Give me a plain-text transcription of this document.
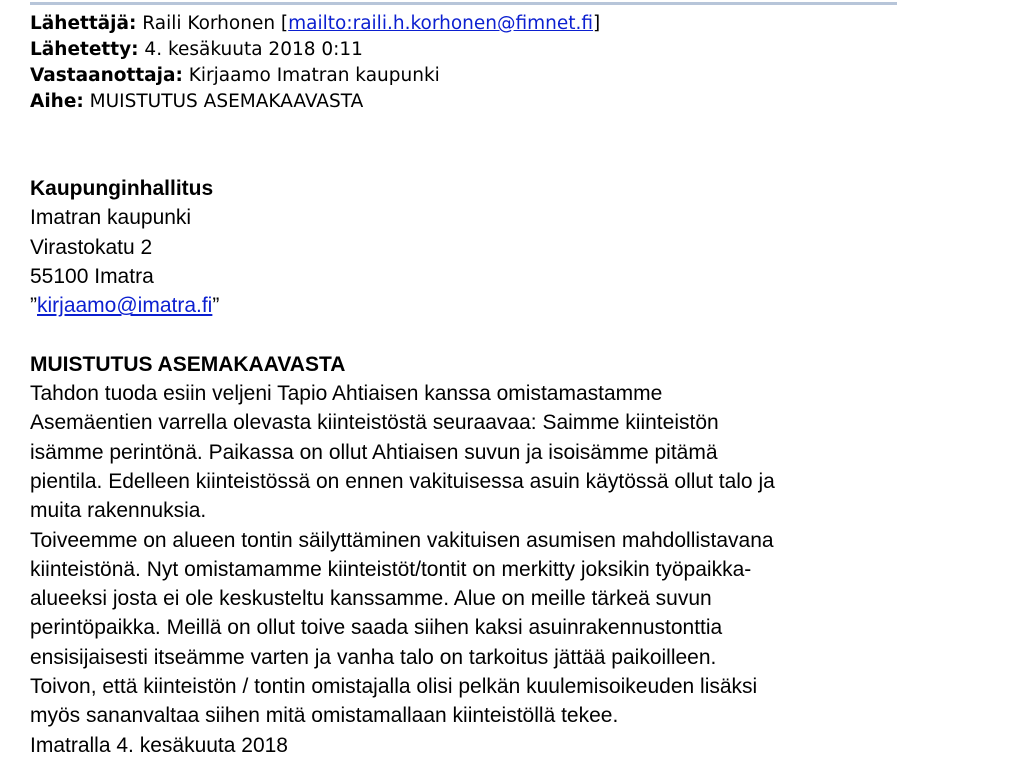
Lähettäjä: Raili Korhonen [mailto:raili.h.korhonen@fimnet.fi]
Lähetetty: 4. kesäkuuta 2018 0:11
Vastaanottaja: Kirjaamo Imatran kaupunki
Aihe: MUISTUTUS ASEMAKAAVASTA
Kaupunginhallitus
Imatran kaupunki
Virastokatu 2
55100 Imatra
”kirjaamo@imatra.fi”
MUISTUTUS ASEMAKAAVASTA
Tahdon tuoda esiin veljeni Tapio Ahtiaisen kanssa omistamastamme
Asemäentien varrella olevasta kiinteistöstä seuraavaa: Saimme kiinteistön
isämme perintönä. Paikassa on ollut Ahtiaisen suvun ja isoisämme pitämä
pientila. Edelleen kiinteistössä on ennen vakituisessa asuin käytössä ollut talo ja
muita rakennuksia.
Toiveemme on alueen tontin säilyttäminen vakituisen asumisen mahdollistavana
kiinteistönä. Nyt omistamamme kiinteistöt/tontit on merkitty joksikin työpaikka-
alueeksi josta ei ole keskusteltu kanssamme. Alue on meille tärkeä suvun
perintöpaikka. Meillä on ollut toive saada siihen kaksi asuinrakennustonttia
ensisijaisesti itseämme varten ja vanha talo on tarkoitus jättää paikoilleen.
Toivon, että kiinteistön / tontin omistajalla olisi pelkän kuulemisoikeuden lisäksi
myös sananvaltaa siihen mitä omistamallaan kiinteistöllä tekee.
Imatralla 4. kesäkuuta 2018
